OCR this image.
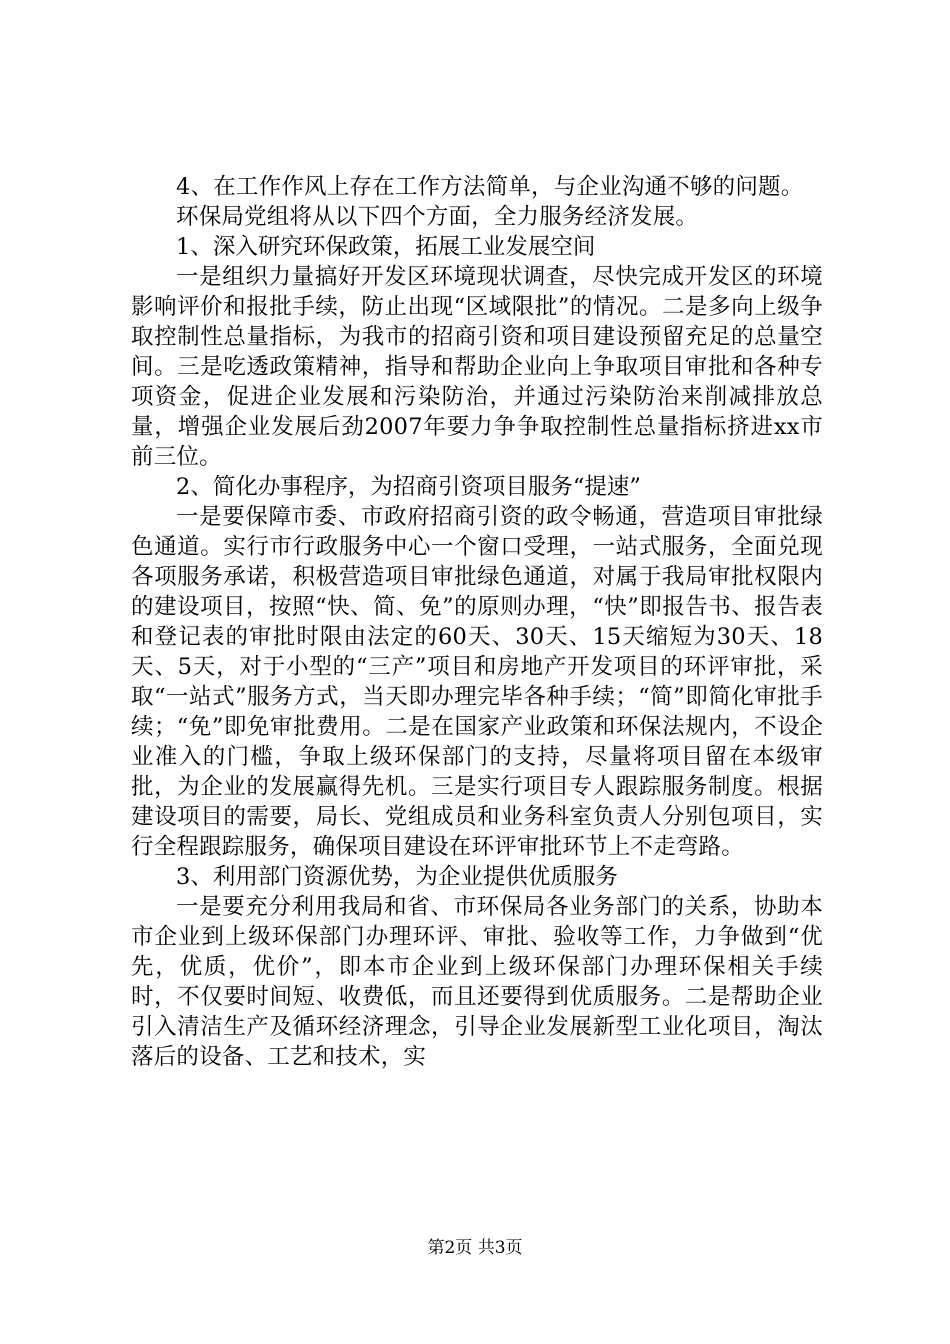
4、在工作作风上存在工作方法简单，与企业沟通不够的问题。

环保局党组将从以下四个方面，全力服务经济发展。

1、深入研究环保政策，拓展工业发展空间

一是组织力量搞好开发区环境现状调查，尽快完成开发区的环境影响评价和报批手续，防止出现“区域限批”的情况。二是多向上级争取控制性总量指标，为我市的招商引资和项目建设预留充足的总量空间。三是吃透政策精神，指导和帮助企业向上争取项目审批和各种专项资金，促进企业发展和污染防治，并通过污染防治来削减排放总量，增强企业发展后劲2007年要力争争取控制性总量指标挤进xx市前三位。

2、简化办事程序，为招商引资项目服务“提速”

一是要保障市委、市政府招商引资的政令畅通，营造项目审批绿色通道。实行市行政服务中心一个窗口受理，一站式服务，全面兑现各项服务承诺，积极营造项目审批绿色通道，对属于我局审批权限内的建设项目，按照“快、简、免”的原则办理，“快”即报告书、报告表和登记表的审批时限由法定的60天、30天、15天缩短为30天、18天、5天，对于小型的“三产”项目和房地产开发项目的环评审批，采取“一站式”服务方式，当天即办理完毕各种手续；“简”即简化审批手续；“免”即免审批费用。二是在国家产业政策和环保法规内，不设企业准入的门槛，争取上级环保部门的支持，尽量将项目留在本级审批，为企业的发展赢得先机。三是实行项目专人跟踪服务制度。根据建设项目的需要，局长、党组成员和业务科室负责人分别包项目，实行全程跟踪服务，确保项目建设在环评审批环节上不走弯路。

3、利用部门资源优势，为企业提供优质服务

一是要充分利用我局和省、市环保局各业务部门的关系，协助本市企业到上级环保部门办理环评、审批、验收等工作，力争做到“优先，优质，优价”，即本市企业到上级环保部门办理环保相关手续时，不仅要时间短、收费低，而且还要得到优质服务。二是帮助企业引入清洁生产及循环经济理念，引导企业发展新型工业化项目，淘汰落后的设备、工艺和技术，实

第2页 共3页
